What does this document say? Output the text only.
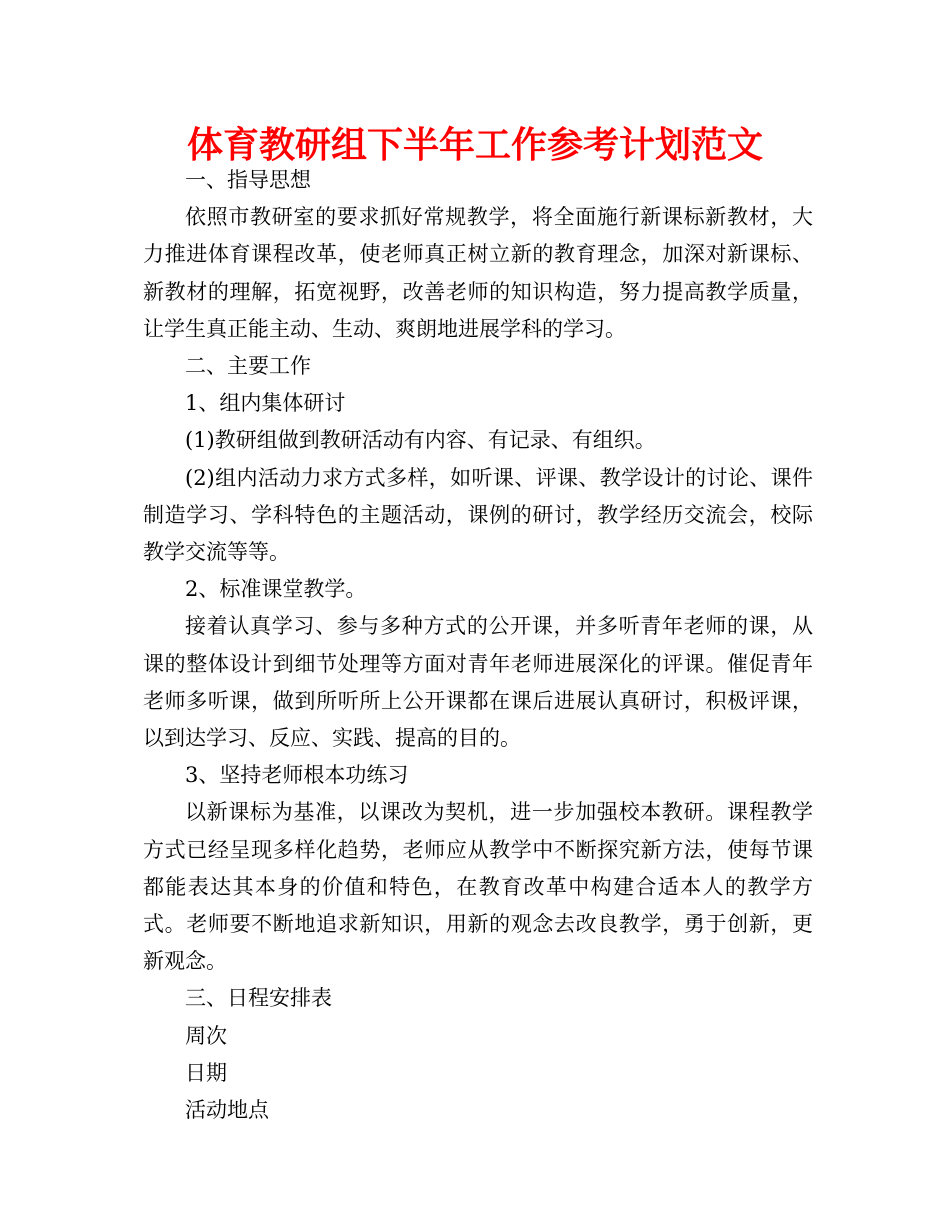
体育教研组下半年工作参考计划范文

一、指导思想

依照市教研室的要求抓好常规教学，将全面施行新课标新教材，大力推进体育课程改革，使老师真正树立新的教育理念，加深对新课标、新教材的理解，拓宽视野，改善老师的知识构造，努力提高教学质量，让学生真正能主动、生动、爽朗地进展学科的学习。

二、主要工作

1、组内集体研讨

(1)教研组做到教研活动有内容、有记录、有组织。

(2)组内活动力求方式多样，如听课、评课、教学设计的讨论、课件制造学习、学科特色的主题活动，课例的研讨，教学经历交流会，校际教学交流等等。

2、标准课堂教学。

接着认真学习、参与多种方式的公开课，并多听青年老师的课，从课的整体设计到细节处理等方面对青年老师进展深化的评课。催促青年老师多听课，做到所听所上公开课都在课后进展认真研讨，积极评课，以到达学习、反应、实践、提高的目的。

3、坚持老师根本功练习

以新课标为基准，以课改为契机，进一步加强校本教研。课程教学方式已经呈现多样化趋势，老师应从教学中不断探究新方法，使每节课都能表达其本身的价值和特色，在教育改革中构建合适本人的教学方式。老师要不断地追求新知识，用新的观念去改良教学，勇于创新，更新观念。

三、日程安排表

周次

日期

活动地点
